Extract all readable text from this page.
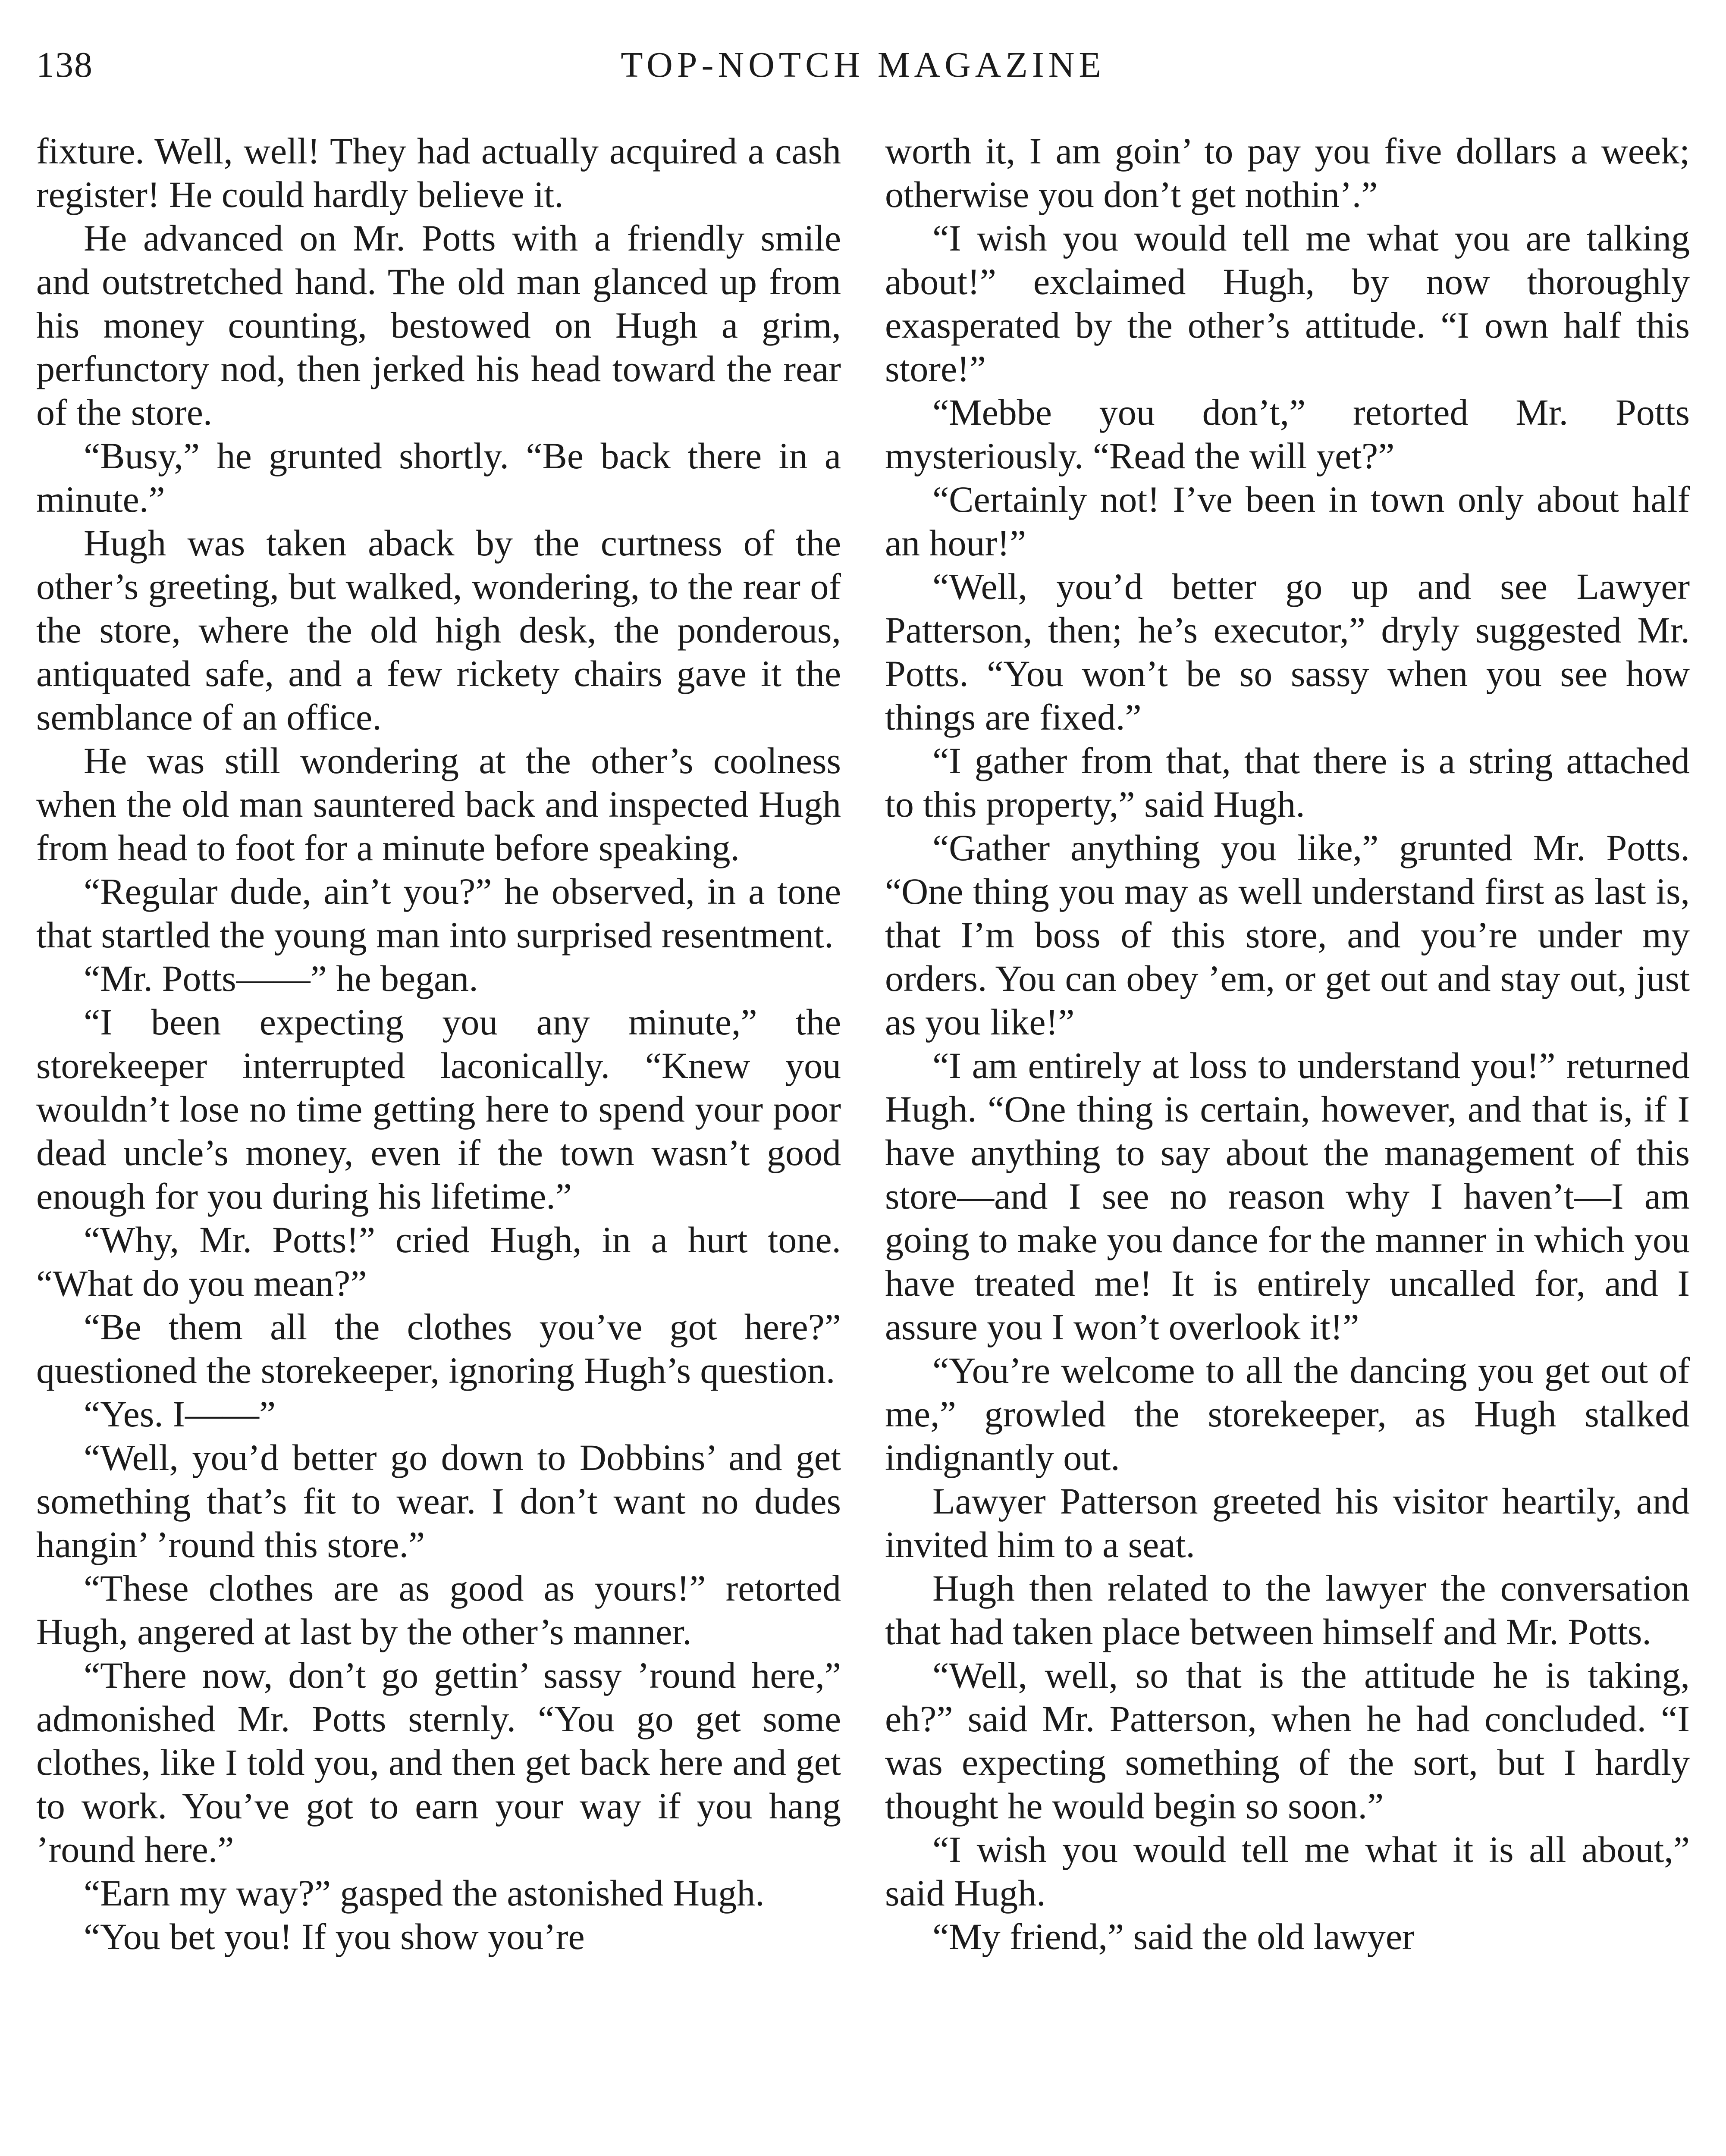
138	TOP-NOTCH MAGAZINE

fixture. Well, well! They had actually acquired a cash register! He could hardly believe it.

He advanced on Mr. Potts with a friendly smile and outstretched hand. The old man glanced up from his money counting, bestowed on Hugh a grim, perfunctory nod, then jerked his head toward the rear of the store.

“Busy,” he grunted shortly. “Be back there in a minute.”

Hugh was taken aback by the curtness of the other’s greeting, but walked, wondering, to the rear of the store, where the old high desk, the ponderous, antiquated safe, and a few rickety chairs gave it the semblance of an office.

He was still wondering at the other’s coolness when the old man sauntered back and inspected Hugh from head to foot for a minute before speaking.

“Regular dude, ain’t you?” he observed, in a tone that startled the young man into surprised resentment.

“Mr. Potts——” he began.

“I been expecting you any minute,” the storekeeper interrupted laconically. “Knew you wouldn’t lose no time getting here to spend your poor dead uncle’s money, even if the town wasn’t good enough for you during his lifetime.”

“Why, Mr. Potts!” cried Hugh, in a hurt tone. “What do you mean?”

“Be them all the clothes you’ve got here?” questioned the storekeeper, ignoring Hugh’s question.

“Yes. I——”

“Well, you’d better go down to Dobbins’ and get something that’s fit to wear. I don’t want no dudes hangin’ ’round this store.”

“These clothes are as good as yours!” retorted Hugh, angered at last by the other’s manner.

“There now, don’t go gettin’ sassy ’round here,” admonished Mr. Potts sternly. “You go get some clothes, like I told you, and then get back here and get to work. You’ve got to earn your way if you hang ’round here.”

“Earn my way?” gasped the astonished Hugh.

“You bet you! If you show you’re

worth it, I am goin’ to pay you five dollars a week; otherwise you don’t get nothin’.”

“I wish you would tell me what you are talking about!” exclaimed Hugh, by now thoroughly exasperated by the other’s attitude. “I own half this store!”

“Mebbe you don’t,” retorted Mr. Potts mysteriously. “Read the will yet?”

“Certainly not! I’ve been in town only about half an hour!”

“Well, you’d better go up and see Lawyer Patterson, then; he’s executor,” dryly suggested Mr. Potts. “You won’t be so sassy when you see how things are fixed.”

“I gather from that, that there is a string attached to this property,” said Hugh.

“Gather anything you like,” grunted Mr. Potts. “One thing you may as well understand first as last is, that I’m boss of this store, and you’re under my orders. You can obey ’em, or get out and stay out, just as you like!”

“I am entirely at loss to understand you!” returned Hugh. “One thing is certain, however, and that is, if I have anything to say about the management of this store—and I see no reason why I haven’t—I am going to make you dance for the manner in which you have treated me! It is entirely uncalled for, and I assure you I won’t overlook it!”

“You’re welcome to all the dancing you get out of me,” growled the storekeeper, as Hugh stalked indignantly out.

Lawyer Patterson greeted his visitor heartily, and invited him to a seat.

Hugh then related to the lawyer the conversation that had taken place between himself and Mr. Potts.

“Well, well, so that is the attitude he is taking, eh?” said Mr. Patterson, when he had concluded. “I was expecting something of the sort, but I hardly thought he would begin so soon.”

“I wish you would tell me what it is all about,” said Hugh.

“My friend,” said the old lawyer
